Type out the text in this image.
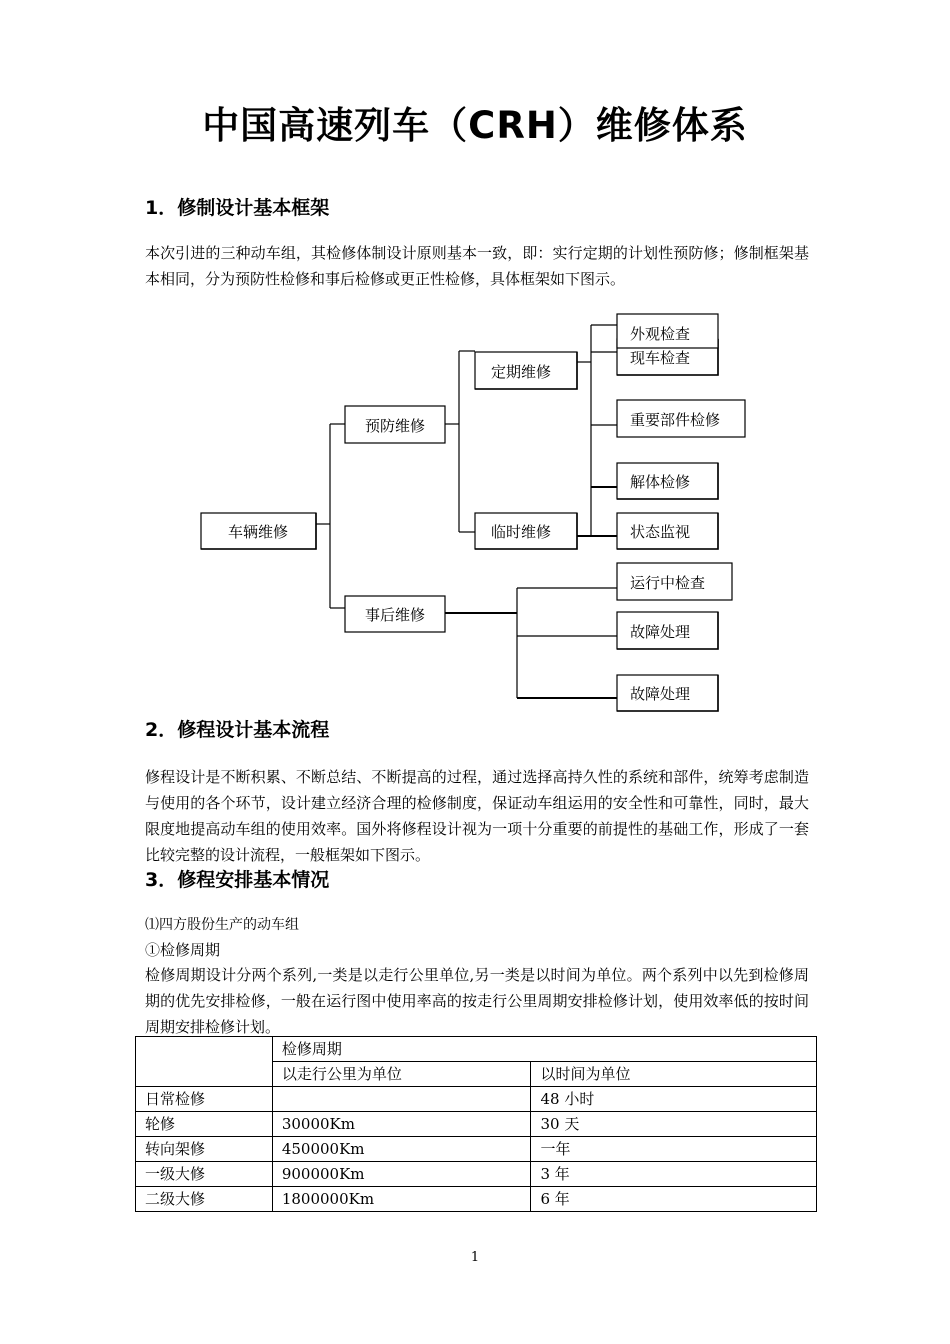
中国高速列车（CRH）维修体系
1．修制设计基本框架
本次引进的三种动车组，其检修体制设计原则基本一致，即：实行定期的计划性预防修；修制框架基本相同，分为预防性检修和事后检修或更正性检修，具体框架如下图示。
车辆维修
预防维修
事后维修
定期维修
临时维修
现车检查
外观检查
重要部件检修
解体检修
状态监视
运行中检查
故障处理
故障处理
2．修程设计基本流程
修程设计是不断积累、不断总结、不断提高的过程，通过选择高持久性的系统和部件，统筹考虑制造与使用的各个环节，设计建立经济合理的检修制度，保证动车组运用的安全性和可靠性，同时，最大限度地提高动车组的使用效率。国外将修程设计视为一项十分重要的前提性的基础工作，形成了一套比较完整的设计流程，一般框架如下图示。
3．修程安排基本情况
⑴四方股份生产的动车组
①检修周期
检修周期设计分两个系列,一类是以走行公里单位,另一类是以时间为单位。两个系列中以先到检修周期的优先安排检修，一般在运行图中使用率高的按走行公里周期安排检修计划，使用效率低的按时间周期安排检修计划。
	检修周期	
	以走行公里为单位	以时间为单位
日常检修		48 小时
轮修	30000Km	30 天
转向架修	450000Km	一年
一级大修	900000Km	3 年
二级大修	1800000Km	6 年
1
